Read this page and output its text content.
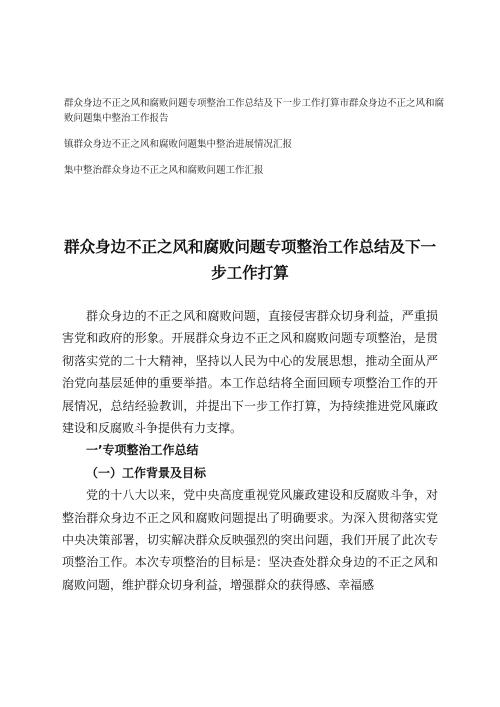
群众身边不正之风和腐败问题专项整治工作总结及下一步工作打算市群众身边不正之风和腐败问题集中整治工作报告
镇群众身边不正之风和腐败问题集中整治进展情况汇报
集中整治群众身边不正之风和腐败问题工作汇报
群众身边不正之风和腐败问题专项整治工作总结及下一步工作打算

群众身边的不正之风和腐败问题，直接侵害群众切身利益，严重损害党和政府的形象。开展群众身边不正之风和腐败问题专项整治，是贯彻落实党的二十大精神，坚持以人民为中心的发展思想，推动全面从严治党向基层延伸的重要举措。本工作总结将全面回顾专项整治工作的开展情况，总结经验教训，并提出下一步工作打算，为持续推进党风廉政建设和反腐败斗争提供有力支撑。

一’专项整治工作总结

（一）工作背景及目标

党的十八大以来，党中央高度重视党风廉政建设和反腐败斗争，对整治群众身边不正之风和腐败问题提出了明确要求。为深入贯彻落实党中央决策部署，切实解决群众反映强烈的突出问题，我们开展了此次专项整治工作。本次专项整治的目标是：坚决查处群众身边的不正之风和腐败问题，维护群众切身利益，增强群众的获得感、幸福感
